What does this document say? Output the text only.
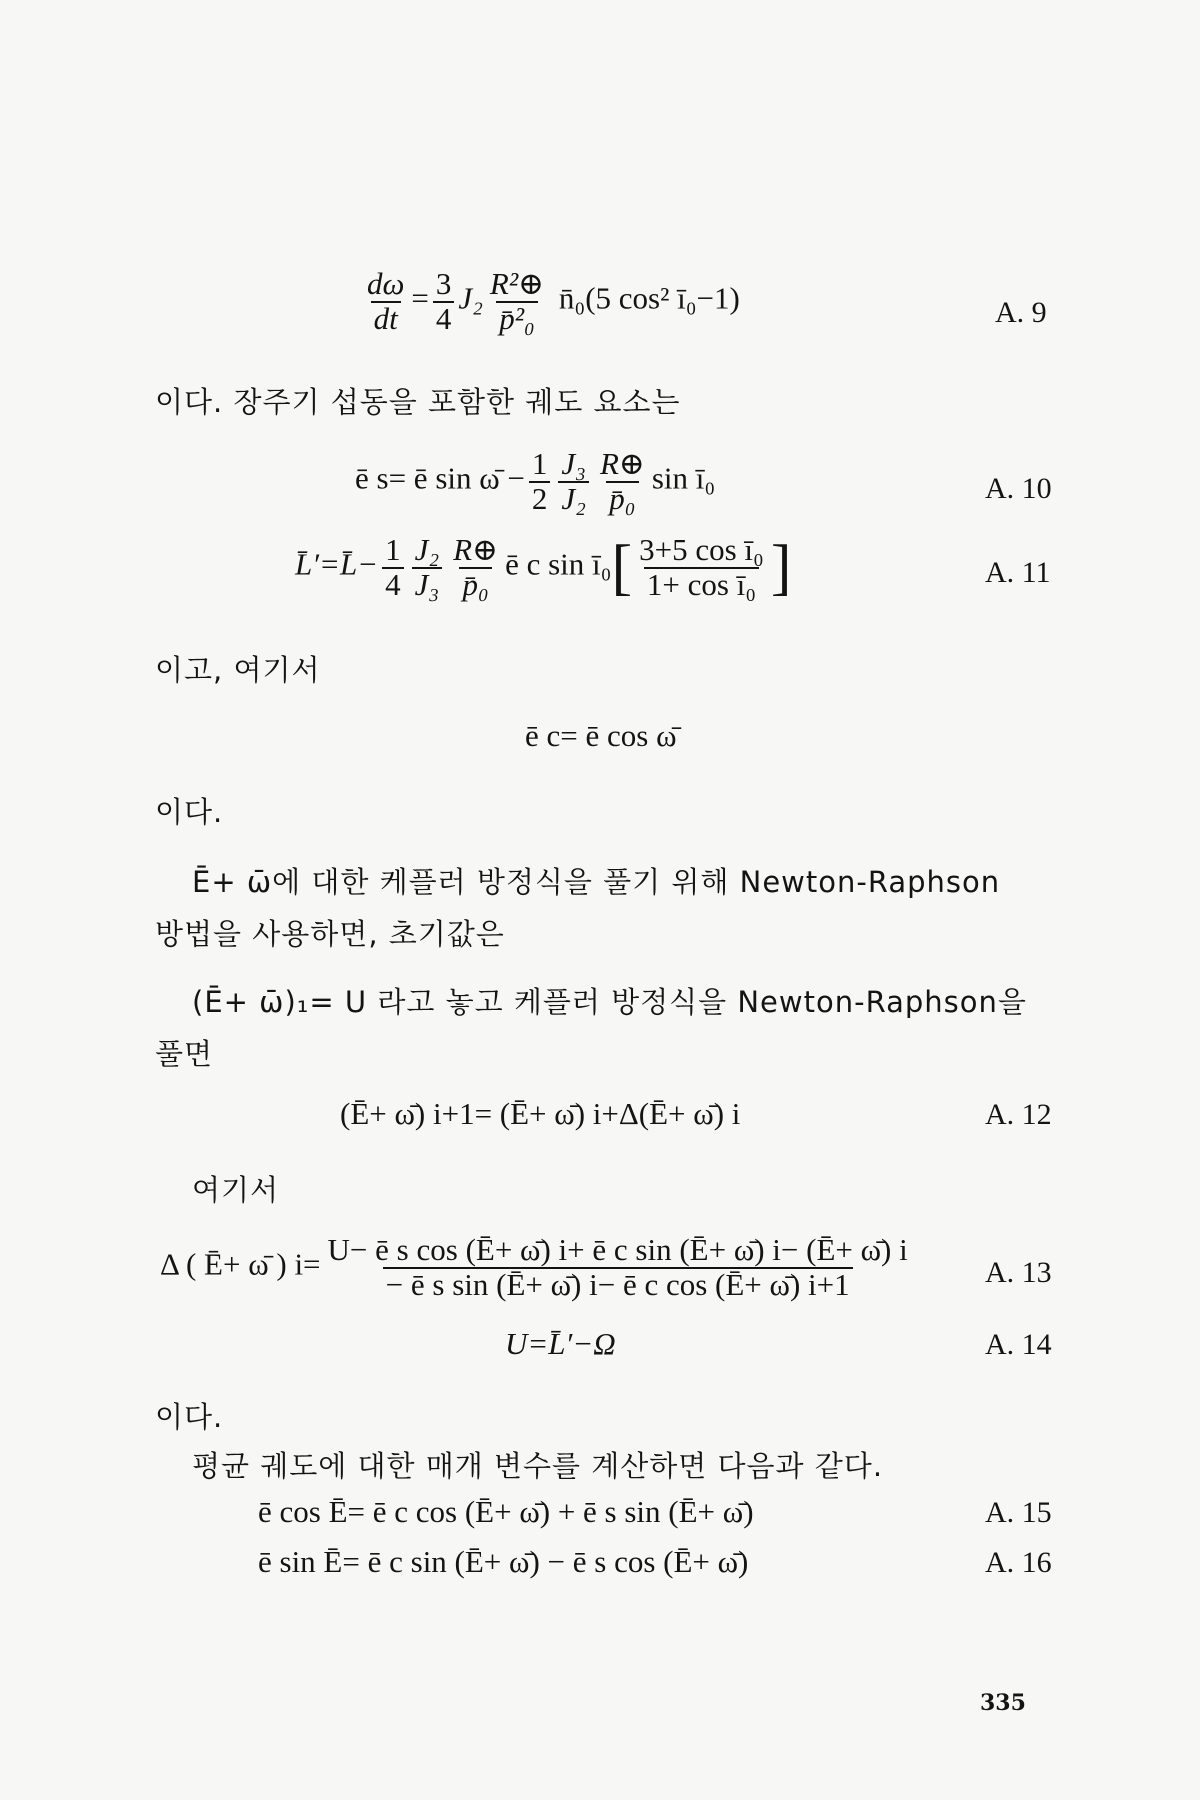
$\frac{d\omega}{dt} = \frac{3}{4} J_2 \frac{\text{R²⊕}}{\text{p̄²₀}}$ n̄₀(5 cos² ī₀−1)	A. 9
이다. 장주기 섭동을 포함한 궤도 요소는
ē s= ē sin ω̄ − $\frac{1}{2} \frac{\text{J₃}}{\text{J₂}} \frac{R\oplus}{\text{p̄₀}}$ sin ī₀	A. 10
L̄′=L̄− $\frac{1}{4} \frac{\text{J₂}}{\text{J₃}} \frac{R\oplus}{\text{p̄₀}}$ ē c sin ī₀[ $\frac{\text{3+5 cos ī₀}}{\text{1+ cos ī₀}}$ ]	A. 11
이고, 여기서
ē c= ē cos ω̄
이다.
Ē+ ω̄에 대한 케플러 방정식을 풀기 위해 Newton-Raphson
방법을 사용하면, 초기값은
(Ē+ ω̄)₁= U 라고 놓고 케플러 방정식을 Newton-Raphson을
풀면
(Ē+ ω̄) i+1= (Ē+ ω̄) i+Δ(Ē+ ω̄) i	A. 12
여기서
Δ ( Ē+ ω̄ ) $i= \frac{\text{U− ē s cos (Ē+ ω̄) i+ ē c sin (Ē+ ω̄) i− (Ē+ ω̄) i}}{\text{− ē s sin (Ē+ ω̄) i− ē c cos (Ē+ ω̄) i+1}} A$. 13
U=L̄′−Ω	A. 14
이다.
평균 궤도에 대한 매개 변수를 계산하면 다음과 같다.
ē cos Ē= ē c cos (Ē+ ω̄) + ē s sin (Ē+ ω̄)	A. 15
ē sin Ē= ē c sin (Ē+ ω̄) − ē s cos (Ē+ ω̄)	A. 16
335
